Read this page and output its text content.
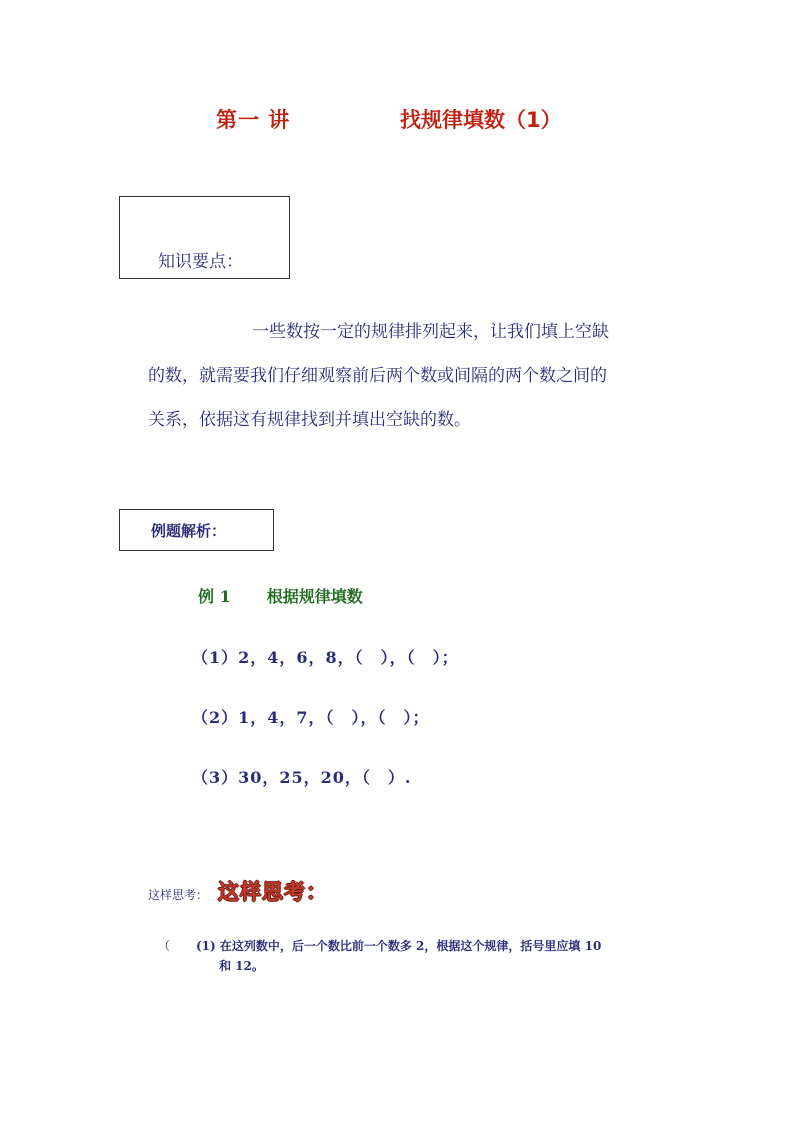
第一 讲	找规律填数（1）
知识要点：
一些数按一定的规律排列起来，让我们填上空缺
的数，就需要我们仔细观察前后两个数或间隔的两个数之间的
关系，依据这有规律找到并填出空缺的数。
例题解析：
例 1 根据规律填数
（1）2，4，6，8，（　），（　）；
（2）1，4，7，（　），（　）；
（3）30，25，20，（　）.
这样思考： 这样思考：
（ (1) 在这列数中，后一个数比前一个数多 2，根据这个规律，括号里应填 10
和 12。
